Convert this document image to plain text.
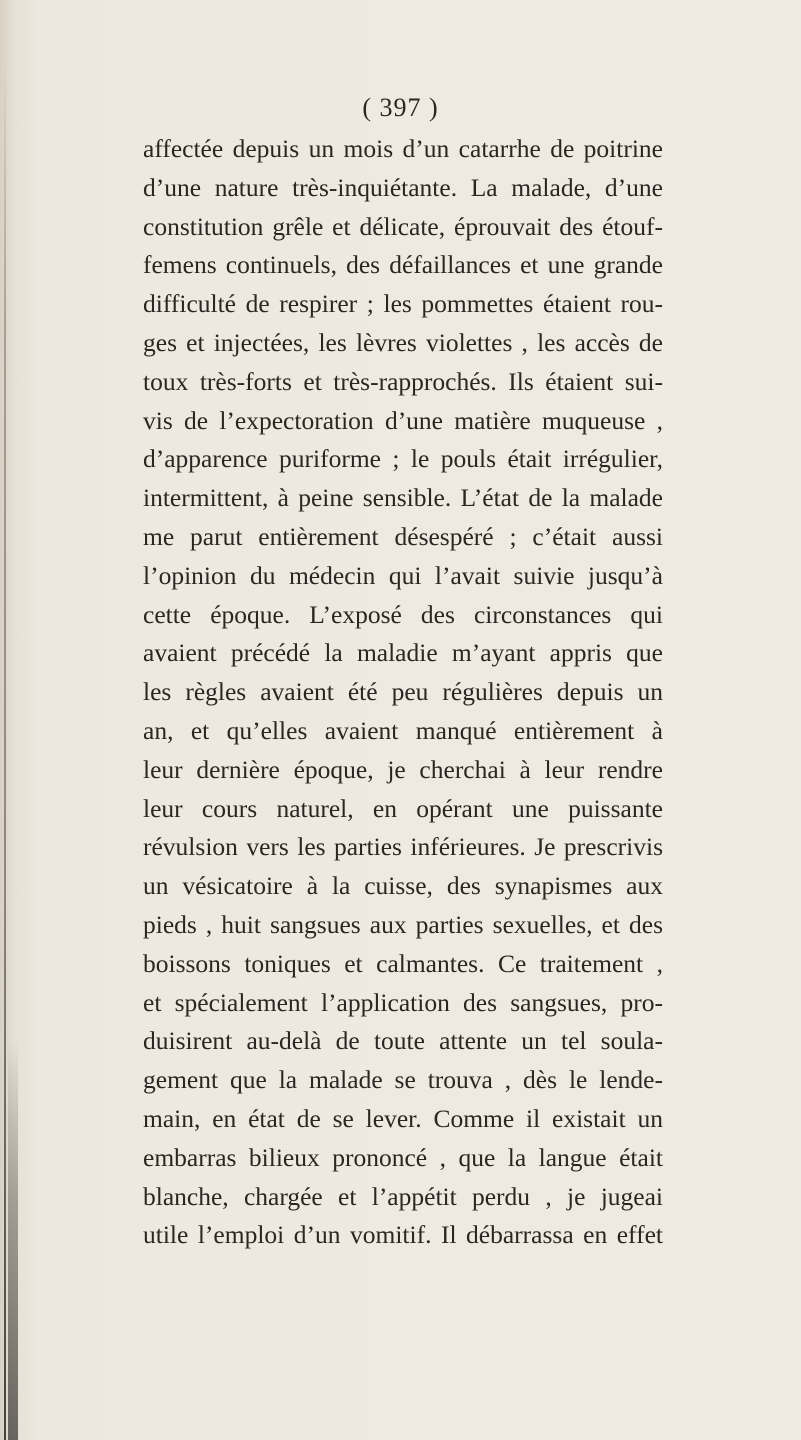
( 397 )
affectée depuis un mois d’un catarrhe de poitrine
d’une nature très-inquiétante. La malade, d’une
constitution grêle et délicate, éprouvait des étouf-
femens continuels, des défaillances et une grande
difficulté de respirer ; les pommettes étaient rou-
ges et injectées, les lèvres violettes , les accès de
toux très-forts et très-rapprochés. Ils étaient sui-
vis de l’expectoration d’une matière muqueuse ,
d’apparence puriforme ; le pouls était irrégulier,
intermittent, à peine sensible. L’état de la malade
me parut entièrement désespéré ; c’était aussi
l’opinion du médecin qui l’avait suivie jusqu’à
cette époque. L’exposé des circonstances qui
avaient précédé la maladie m’ayant appris que
les règles avaient été peu régulières depuis un
an, et qu’elles avaient manqué entièrement à
leur dernière époque, je cherchai à leur rendre
leur cours naturel, en opérant une puissante
révulsion vers les parties inférieures. Je prescrivis
un vésicatoire à la cuisse, des synapismes aux
pieds , huit sangsues aux parties sexuelles, et des
boissons toniques et calmantes. Ce traitement ,
et spécialement l’application des sangsues, pro-
duisirent au-delà de toute attente un tel soula-
gement que la malade se trouva , dès le lende-
main, en état de se lever. Comme il existait un
embarras bilieux prononcé , que la langue était
blanche, chargée et l’appétit perdu , je jugeai
utile l’emploi d’un vomitif. Il débarrassa en effet
